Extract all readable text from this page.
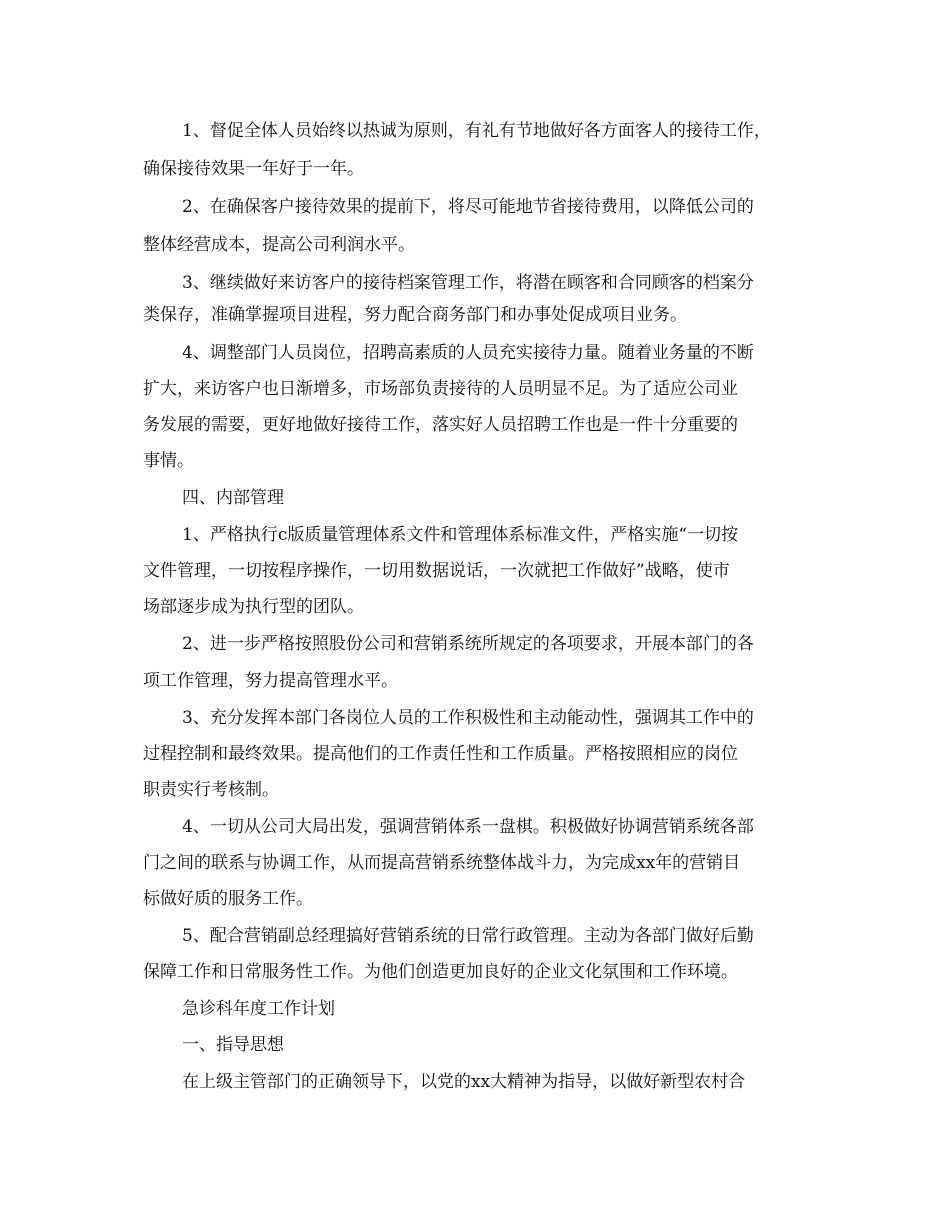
1、督促全体人员始终以热诚为原则，有礼有节地做好各方面客人的接待工作，
确保接待效果一年好于一年。
2、在确保客户接待效果的提前下，将尽可能地节省接待费用，以降低公司的
整体经营成本，提高公司利润水平。
3、继续做好来访客户的接待档案管理工作，将潜在顾客和合同顾客的档案分
类保存，准确掌握项目进程，努力配合商务部门和办事处促成项目业务。
4、调整部门人员岗位，招聘高素质的人员充实接待力量。随着业务量的不断
扩大，来访客户也日渐增多，市场部负责接待的人员明显不足。为了适应公司业
务发展的需要，更好地做好接待工作，落实好人员招聘工作也是一件十分重要的
事情。
四、内部管理
1、严格执行c版质量管理体系文件和管理体系标准文件，严格实施“一切按
文件管理，一切按程序操作，一切用数据说话，一次就把工作做好”战略，使市
场部逐步成为执行型的团队。
2、进一步严格按照股份公司和营销系统所规定的各项要求，开展本部门的各
项工作管理，努力提高管理水平。
3、充分发挥本部门各岗位人员的工作积极性和主动能动性，强调其工作中的
过程控制和最终效果。提高他们的工作责任性和工作质量。严格按照相应的岗位
职责实行考核制。
4、一切从公司大局出发，强调营销体系一盘棋。积极做好协调营销系统各部
门之间的联系与协调工作，从而提高营销系统整体战斗力，为完成xx年的营销目
标做好质的服务工作。
5、配合营销副总经理搞好营销系统的日常行政管理。主动为各部门做好后勤
保障工作和日常服务性工作。为他们创造更加良好的企业文化氛围和工作环境。
急诊科年度工作计划
一、指导思想
在上级主管部门的正确领导下，以党的xx大精神为指导，以做好新型农村合
